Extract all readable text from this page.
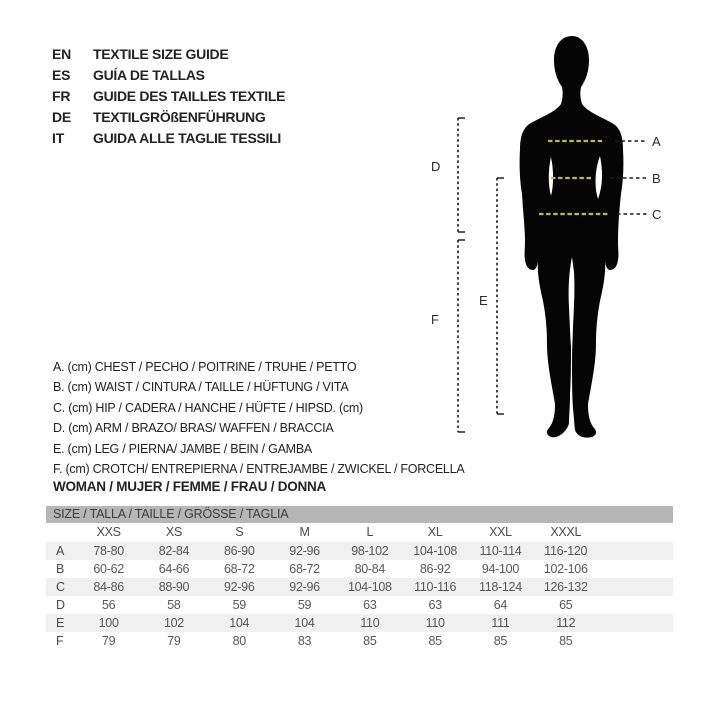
EN	TEXTILE SIZE GUIDE
ES	GUÍA DE TALLAS
FR	GUIDE DES TAILLES TEXTILE
DE	TEXTILGRÖßENFÜHRUNG
IT	GUIDA ALLE TAGLIE TESSILI	A
B
C
D
F
E
A. (cm) CHEST / PECHO / POITRINE / TRUHE / PETTO
B. (cm) WAIST / CINTURA / TAILLE / HÜFTUNG / VITA
C. (cm) HIP / CADERA / HANCHE / HÜFTE / HIPSD. (cm)
D. (cm) ARM / BRAZO/ BRAS/ WAFFEN / BRACCIA
E. (cm) LEG / PIERNA/ JAMBE / BEIN / GAMBA
F. (cm) CROTCH/ ENTREPIERNA / ENTREJAMBE / ZWICKEL / FORCELLA
WOMAN / MUJER / FEMME / FRAU / DONNA
SIZE / TALLA / TAILLE / GRÖSSE / TAGLIA
XXS	XS	S	M	L	XL	XXL	XXXL
A	78-80	82-84	86-90	92-96	98-102	104-108	110-114	116-120
B	60-62	64-66	68-72	68-72	80-84	86-92	94-100	102-106
C	84-86	88-90	92-96	92-96	104-108	110-116	118-124	126-132
D	56	58	59	59	63	63	64	65
E	100	102	104	104	110	110	111	112
F	79	79	80	83	85	85	85	85
